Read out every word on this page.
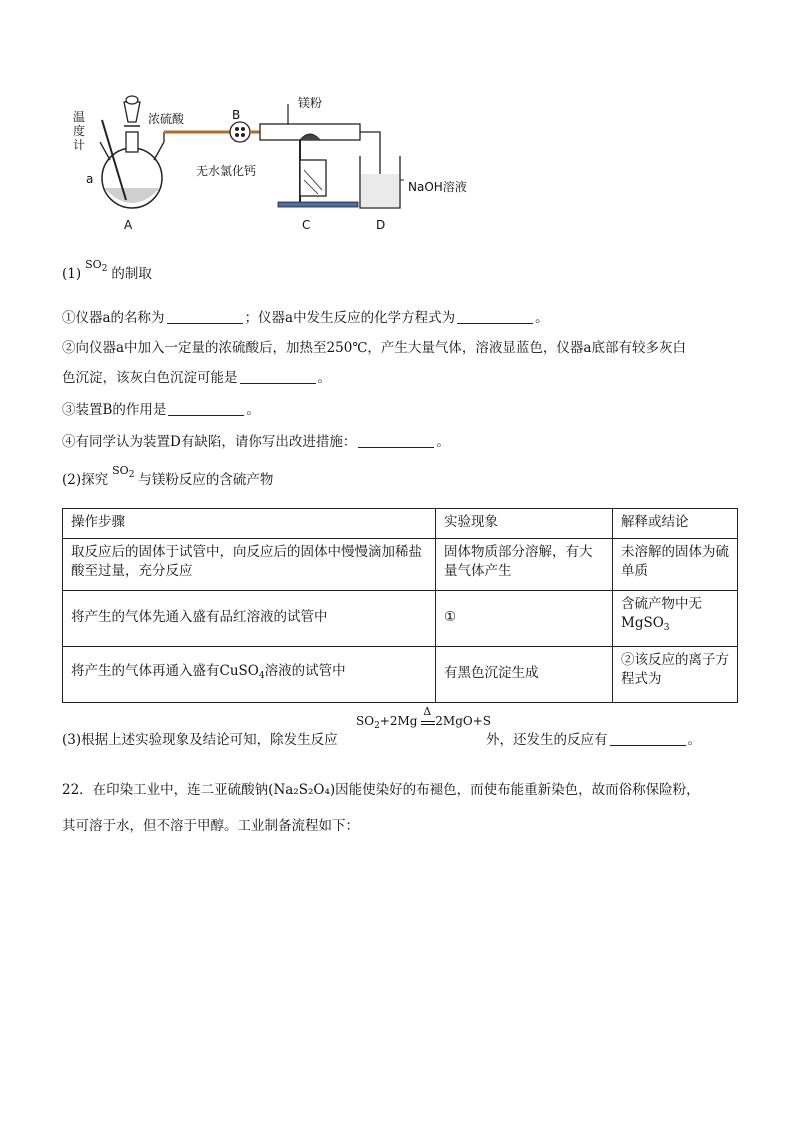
温度计
a
浓硫酸	B
无水氯化钙
镁粉
NaOH溶液
A	C	D
$(1)^{SO_2}$ 的制取
①仪器a的名称为	；仪器a中发生反应的化学方程式为	。
②向仪器a中加入一定量的浓硫酸后，加热至250℃，产生大量气体，溶液显蓝色，仪器a底部有较多灰白
色沉淀，该灰白色沉淀可能是	。
③装置B的作用是	。
④有同学认为装置D有缺陷，请你写出改进措施：	。
(2)探究$^{SO_2}$ 与镁粉反应的含硫产物
操作步骤	实验现象	解释或结论
取反应后的固体于试管中，向反应后的固体中慢慢滴加稀盐酸至过量，充分反应	固体物质部分溶解，有大量气体产生	未溶解的固体为硫单质
将产生的气体先通入盛有品红溶液的试管中	①	含硫产物中无
MgSO$_3$
将产生的气体再通入盛有CuSO$_4$溶液的试管中	有黑色沉淀生成	②该反应的离子方程式为
(3)根据上述实验现象及结论可知，除发生反应
$SO_2+2Mg$
Δ
2MgO+S
外，还发生的反应有	。
22．在印染工业中，连二亚硫酸钠(Na₂S₂O₄)因能使染好的布褪色，而使布能重新染色，故而俗称保险粉，
其可溶于水，但不溶于甲醇。工业制备流程如下：
